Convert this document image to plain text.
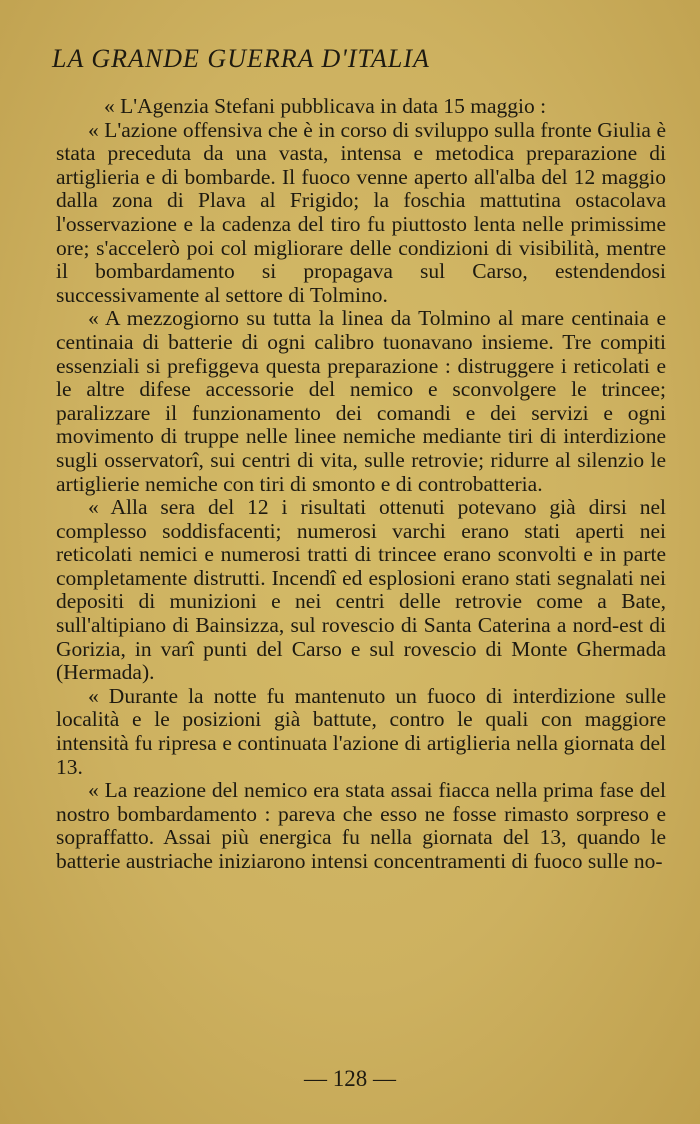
LA GRANDE GUERRA D'ITALIA

« L'Agenzia Stefani pubblicava in data 15 maggio :

« L'azione offensiva che è in corso di sviluppo sulla fronte Giulia è stata preceduta da una vasta, intensa e metodica preparazione di artiglieria e di bombarde. Il fuoco venne aperto all'alba del 12 maggio dalla zona di Plava al Frigido; la foschia mattutina ostacolava l'osservazione e la cadenza del tiro fu piuttosto lenta nelle primissime ore; s'accelerò poi col migliorare delle condizioni di visibilità, mentre il bombardamento si propagava sul Carso, estendendosi successivamente al settore di Tolmino.

« A mezzogiorno su tutta la linea da Tolmino al mare centinaia e centinaia di batterie di ogni calibro tuonavano insieme. Tre compiti essenziali si prefiggeva questa preparazione : distruggere i reticolati e le altre difese accessorie del nemico e sconvolgere le trincee; paralizzare il funzionamento dei comandi e dei servizi e ogni movimento di truppe nelle linee nemiche mediante tiri di interdizione sugli osservatorî, sui centri di vita, sulle retrovie; ridurre al silenzio le artiglierie nemiche con tiri di smonto e di controbatteria.

« Alla sera del 12 i risultati ottenuti potevano già dirsi nel complesso soddisfacenti; numerosi varchi erano stati aperti nei reticolati nemici e numerosi tratti di trincee erano sconvolti e in parte completamente distrutti. Incendî ed esplosioni erano stati segnalati nei depositi di munizioni e nei centri delle retrovie come a Bate, sull'altipiano di Bainsizza, sul rovescio di Santa Caterina a nord-est di Gorizia, in varî punti del Carso e sul rovescio di Monte Ghermada (Hermada).

« Durante la notte fu mantenuto un fuoco di interdizione sulle località e le posizioni già battute, contro le quali con maggiore intensità fu ripresa e continuata l'azione di artiglieria nella giornata del 13.

« La reazione del nemico era stata assai fiacca nella prima fase del nostro bombardamento : pareva che esso ne fosse rimasto sorpreso e sopraffatto. Assai più energica fu nella giornata del 13, quando le batterie austriache iniziarono intensi concentramenti di fuoco sulle no-

— 128 —
